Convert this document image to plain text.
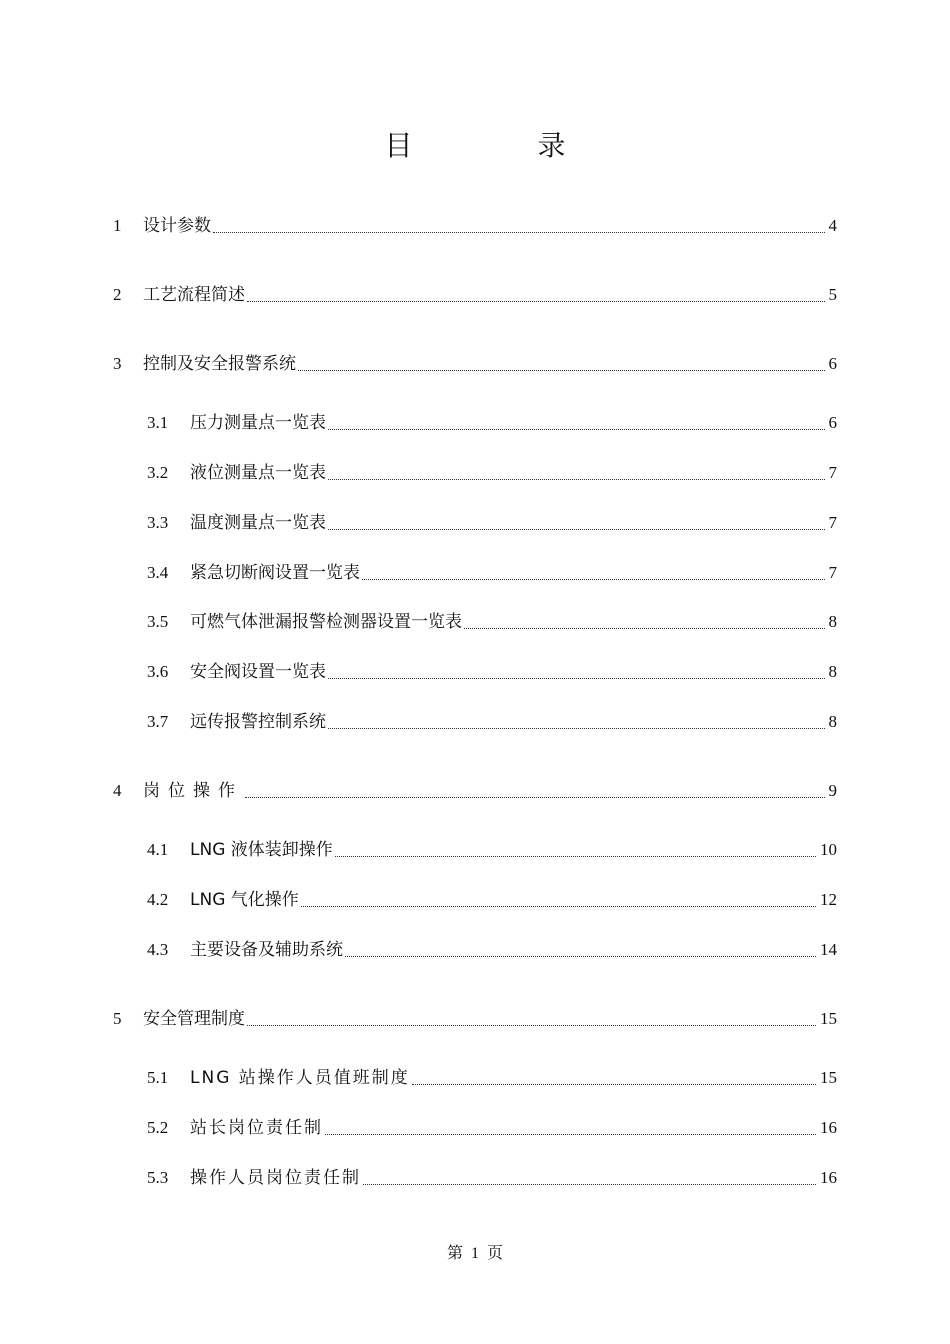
目 录
1	设计参数	4
2	工艺流程简述	5
3	控制及安全报警系统	6
3.1	压力测量点一览表	6
3.2	液位测量点一览表	7
3.3	温度测量点一览表	7
3.4	紧急切断阀设置一览表	7
3.5	可燃气体泄漏报警检测器设置一览表	8
3.6	安全阀设置一览表	8
3.7	远传报警控制系统	8
4	岗位操作	9
4.1	LNG 液体装卸操作	10
4.2	LNG 气化操作	12
4.3	主要设备及辅助系统	14
5	安全管理制度	15
5.1	LNG 站操作人员值班制度	15
5.2	站长岗位责任制	16
5.3	操作人员岗位责任制	16
第 1 页
